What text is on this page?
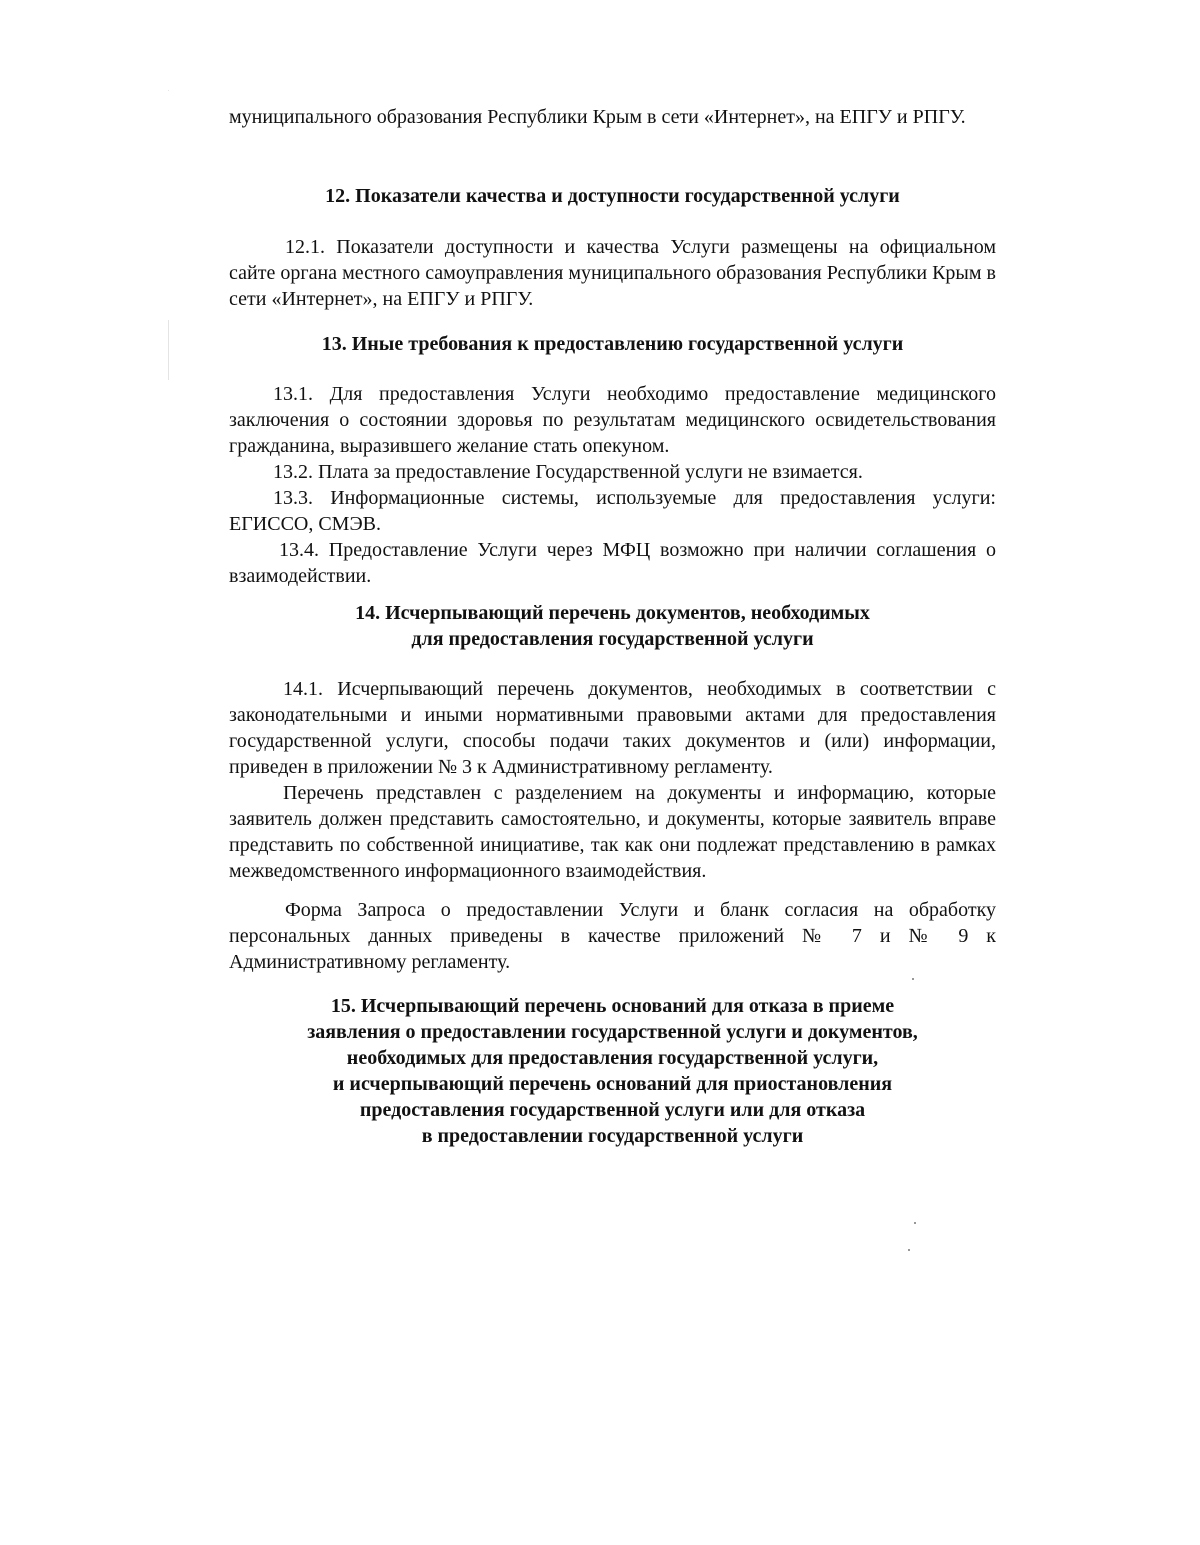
муниципального образования Республики Крым в сети «Интернет», на ЕПГУ и РПГУ.

12. Показатели качества и доступности государственной услуги

12.1. Показатели доступности и качества Услуги размещены на официальном сайте органа местного самоуправления муниципального образования Республики Крым в сети «Интернет», на ЕПГУ и РПГУ.

13. Иные требования к предоставлению государственной услуги

13.1. Для предоставления Услуги необходимо предоставление медицинского заключения о состоянии здоровья по результатам медицинского освидетельствования гражданина, выразившего желание стать опекуном.

13.2. Плата за предоставление Государственной услуги не взимается.

13.3. Информационные системы, используемые для предоставления услуги: ЕГИССО, СМЭВ.

13.4. Предоставление Услуги через МФЦ возможно при наличии соглашения о взаимодействии.

14. Исчерпывающий перечень документов, необходимых
для предоставления государственной услуги

14.1. Исчерпывающий перечень документов, необходимых в соответствии с законодательными и иными нормативными правовыми актами для предоставления государственной услуги, способы подачи таких документов и (или) информации, приведен в приложении № 3 к Административному регламенту.

Перечень представлен с разделением на документы и информацию, которые заявитель должен представить самостоятельно, и документы, которые заявитель вправе представить по собственной инициативе, так как они подлежат представлению в рамках межведомственного информационного взаимодействия.

Форма Запроса о предоставлении Услуги и бланк согласия на обработку персональных данных приведены в качестве приложений № 7 и № 9 к Административному регламенту.

15. Исчерпывающий перечень оснований для отказа в приеме
заявления о предоставлении государственной услуги и документов,
необходимых для предоставления государственной услуги,
и исчерпывающий перечень оснований для приостановления
предоставления государственной услуги или для отказа
в предоставлении государственной услуги
